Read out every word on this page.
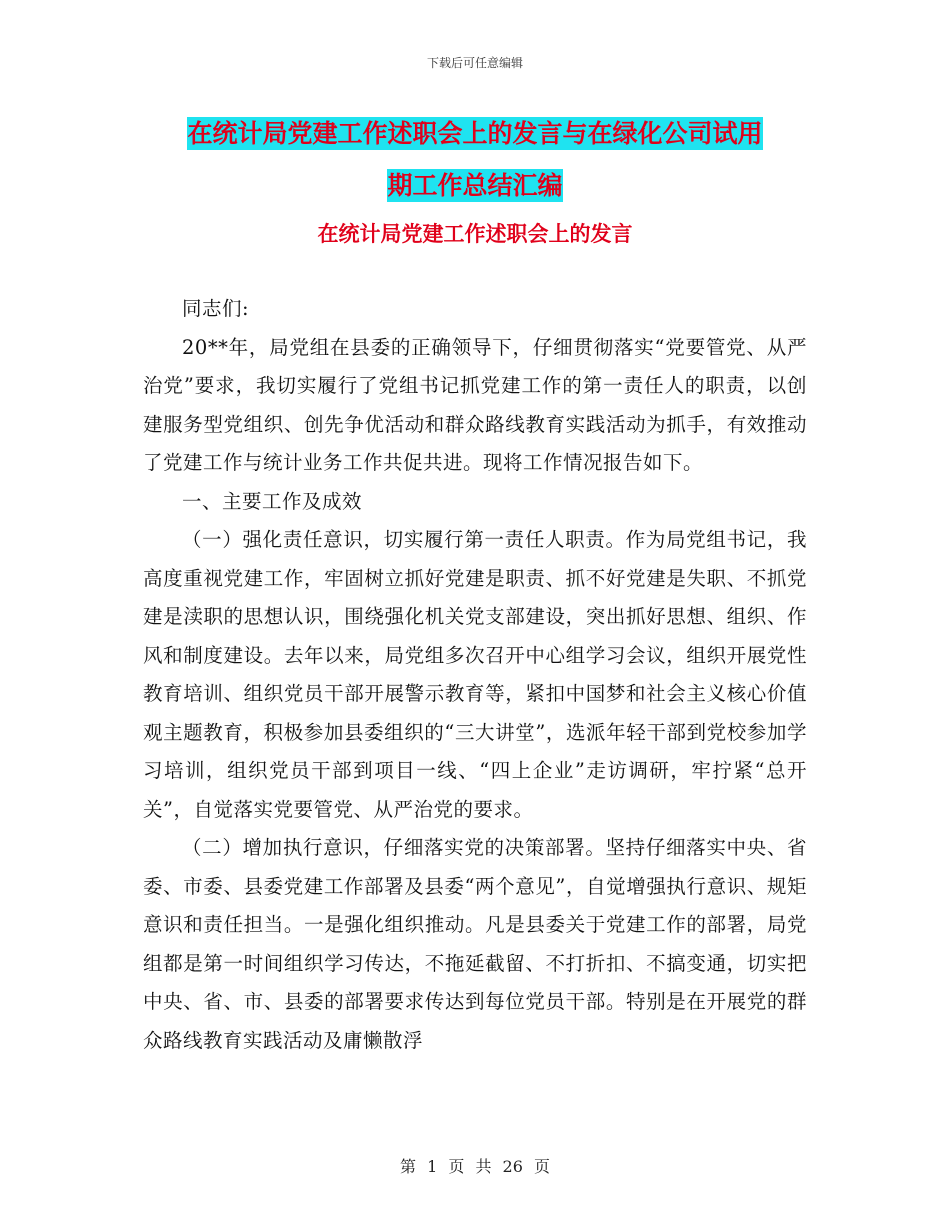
下载后可任意编辑
在统计局党建工作述职会上的发言与在绿化公司试用
期工作总结汇编
在统计局党建工作述职会上的发言

同志们:

20**年，局党组在县委的正确领导下，仔细贯彻落实“党要管党、从严治党”要求，我切实履行了党组书记抓党建工作的第一责任人的职责，以创建服务型党组织、创先争优活动和群众路线教育实践活动为抓手，有效推动了党建工作与统计业务工作共促共进。现将工作情况报告如下。

一、主要工作及成效

（一）强化责任意识，切实履行第一责任人职责。作为局党组书记，我高度重视党建工作，牢固树立抓好党建是职责、抓不好党建是失职、不抓党建是渎职的思想认识，围绕强化机关党支部建设，突出抓好思想、组织、作风和制度建设。去年以来，局党组多次召开中心组学习会议，组织开展党性教育培训、组织党员干部开展警示教育等，紧扣中国梦和社会主义核心价值观主题教育，积极参加县委组织的“三大讲堂”，选派年轻干部到党校参加学习培训，组织党员干部到项目一线、“四上企业”走访调研，牢拧紧“总开关”，自觉落实党要管党、从严治党的要求。

（二）增加执行意识，仔细落实党的决策部署。坚持仔细落实中央、省委、市委、县委党建工作部署及县委“两个意见”，自觉增强执行意识、规矩意识和责任担当。一是强化组织推动。凡是县委关于党建工作的部署，局党组都是第一时间组织学习传达，不拖延截留、不打折扣、不搞变通，切实把中央、省、市、县委的部署要求传达到每位党员干部。特别是在开展党的群众路线教育实践活动及庸懒散浮

第 1 页 共 26 页
